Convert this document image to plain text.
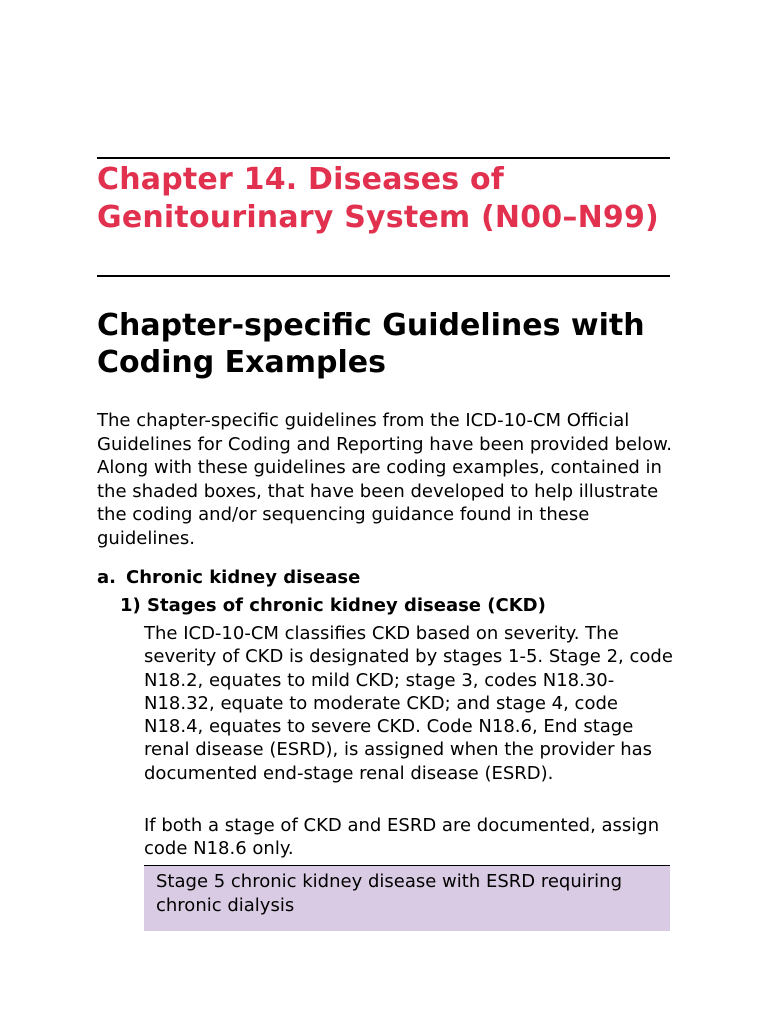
Chapter 14. Diseases of Genitourinary System (N00–N99)
Chapter-specific Guidelines with Coding Examples

The chapter-specific guidelines from the ICD-10-CM Official Guidelines for Coding and Reporting have been provided below. Along with these guidelines are coding examples, contained in the shaded boxes, that have been developed to help illustrate the coding and/or sequencing guidance found in these guidelines.

a. Chronic kidney disease
1) Stages of chronic kidney disease (CKD)

The ICD-10-CM classifies CKD based on severity. The severity of CKD is designated by stages 1-5. Stage 2, code N18.2, equates to mild CKD; stage 3, codes N18.30-N18.32, equate to moderate CKD; and stage 4, code N18.4, equates to severe CKD. Code N18.6, End stage renal disease (ESRD), is assigned when the provider has documented end-stage renal disease (ESRD).

If both a stage of CKD and ESRD are documented, assign code N18.6 only.

Stage 5 chronic kidney disease with ESRD requiring chronic dialysis
